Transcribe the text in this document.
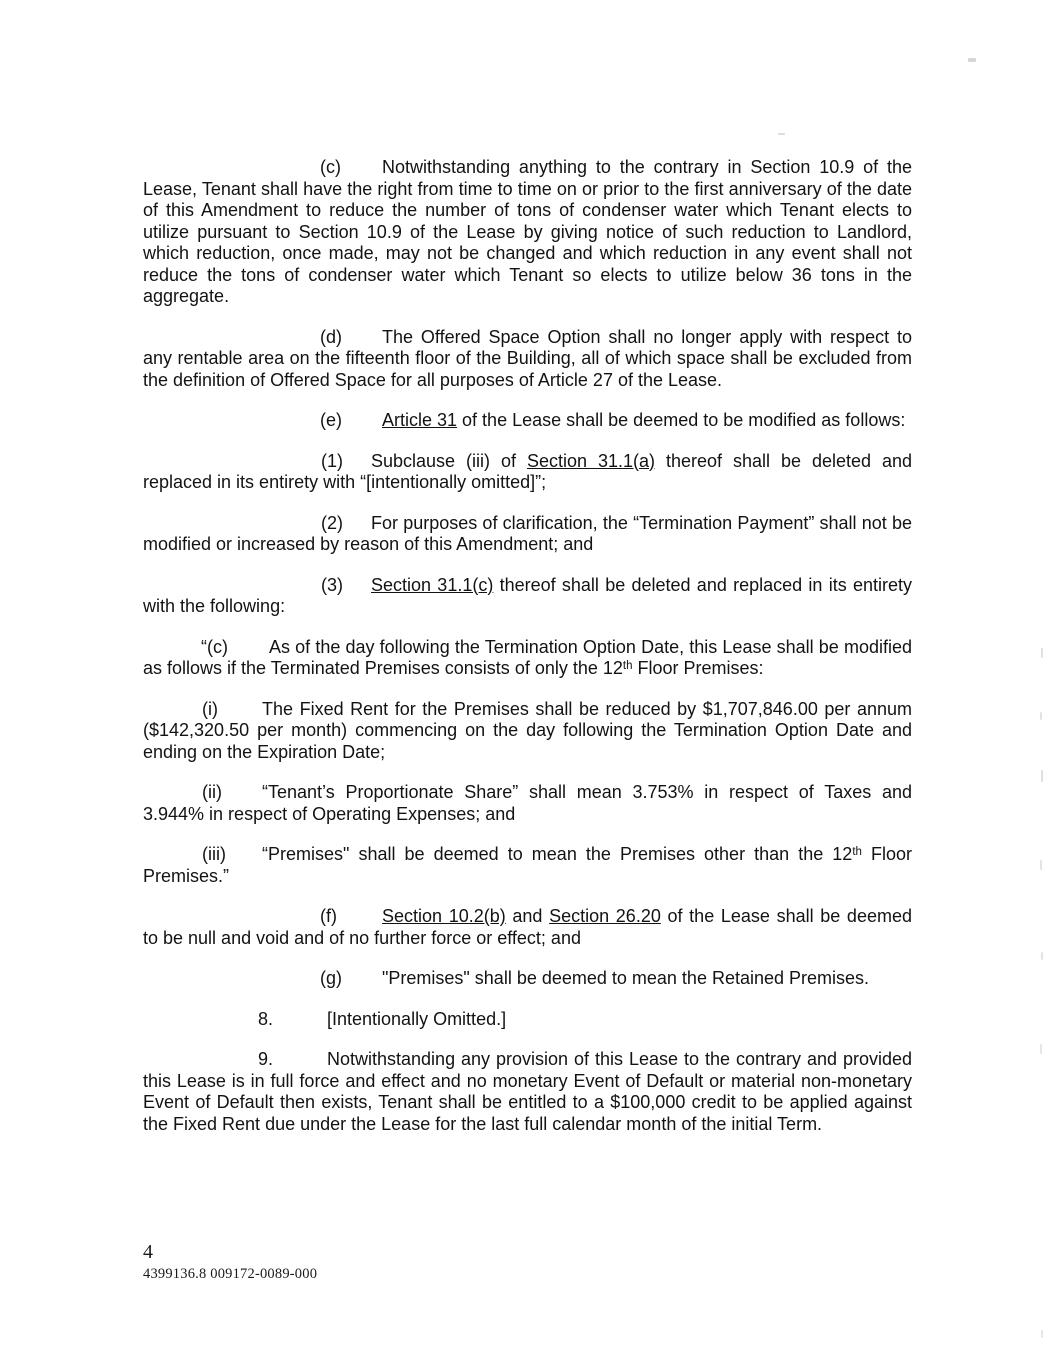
(c) Notwithstanding anything to the contrary in Section 10.9 of the Lease, Tenant shall have the right from time to time on or prior to the first anniversary of the date of this Amendment to reduce the number of tons of condenser water which Tenant elects to utilize pursuant to Section 10.9 of the Lease by giving notice of such reduction to Landlord, which reduction, once made, may not be changed and which reduction in any event shall not reduce the tons of condenser water which Tenant so elects to utilize below 36 tons in the aggregate.

(d) The Offered Space Option shall no longer apply with respect to any rentable area on the fifteenth floor of the Building, all of which space shall be excluded from the definition of Offered Space for all purposes of Article 27 of the Lease.

(e) Article 31 of the Lease shall be deemed to be modified as follows:

(1) Subclause (iii) of Section 31.1(a) thereof shall be deleted and replaced in its entirety with “[intentionally omitted]”;

(2) For purposes of clarification, the “Termination Payment” shall not be modified or increased by reason of this Amendment; and

(3) Section 31.1(c) thereof shall be deleted and replaced in its entirety with the following:

“(c) As of the day following the Termination Option Date, this Lease shall be modified as follows if the Terminated Premises consists of only the 12th Floor Premises:

(i) The Fixed Rent for the Premises shall be reduced by $1,707,846.00 per annum ($142,320.50 per month) commencing on the day following the Termination Option Date and ending on the Expiration Date;

(ii) “Tenant’s Proportionate Share” shall mean 3.753% in respect of Taxes and 3.944% in respect of Operating Expenses; and

(iii) “Premises" shall be deemed to mean the Premises other than the 12th Floor Premises.”

(f)	Section 10.2(b) and Section 26.20 of the Lease shall be deemed to be null and void and of no further force or effect; and

(g) "Premises" shall be deemed to mean the Retained Premises.

8.	[Intentionally Omitted.]

9.	Notwithstanding any provision of this Lease to the contrary and provided this Lease is in full force and effect and no monetary Event of Default or material non-monetary Event of Default then exists, Tenant shall be entitled to a $100,000 credit to be applied against the Fixed Rent due under the Lease for the last full calendar month of the initial Term.

4
4399136.8 009172-0089-000
